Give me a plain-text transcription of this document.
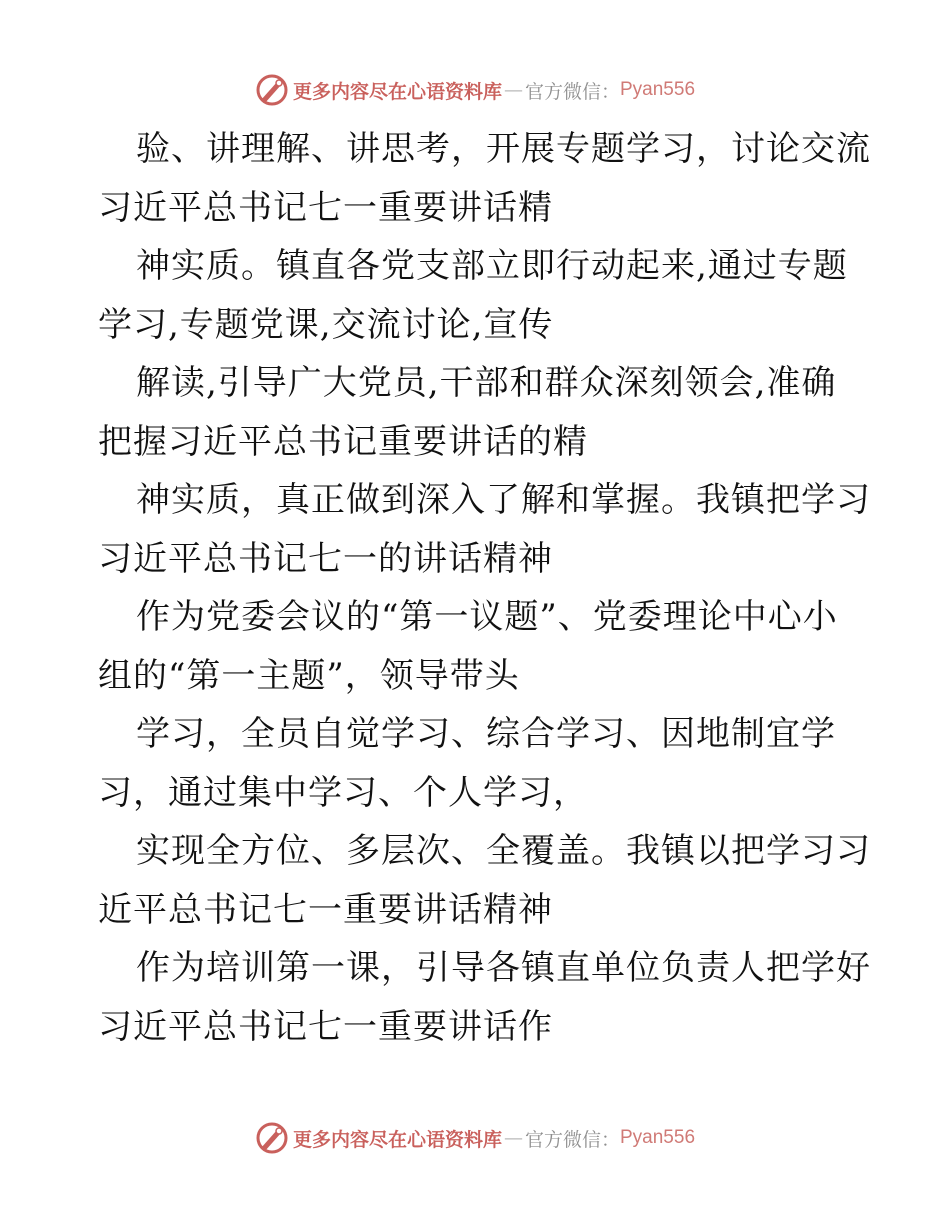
更多内容尽在心语资料库 — 官方微信： Pyan556
验、讲理解、讲思考，开展专题学习，讨论交流
习近平总书记七一重要讲话精
神实质。镇直各党支部立即行动起来,通过专题
学习,专题党课,交流讨论,宣传
解读,引导广大党员,干部和群众深刻领会,准确
把握习近平总书记重要讲话的精
神实质，真正做到深入了解和掌握。我镇把学习
习近平总书记七一的讲话精神
作为党委会议的“第一议题”、党委理论中心小
组的“第一主题”，领导带头
学习，全员自觉学习、综合学习、因地制宜学
习，通过集中学习、个人学习，
实现全方位、多层次、全覆盖。我镇以把学习习
近平总书记七一重要讲话精神
作为培训第一课，引导各镇直单位负责人把学好
习近平总书记七一重要讲话作
更多内容尽在心语资料库 — 官方微信： Pyan556
